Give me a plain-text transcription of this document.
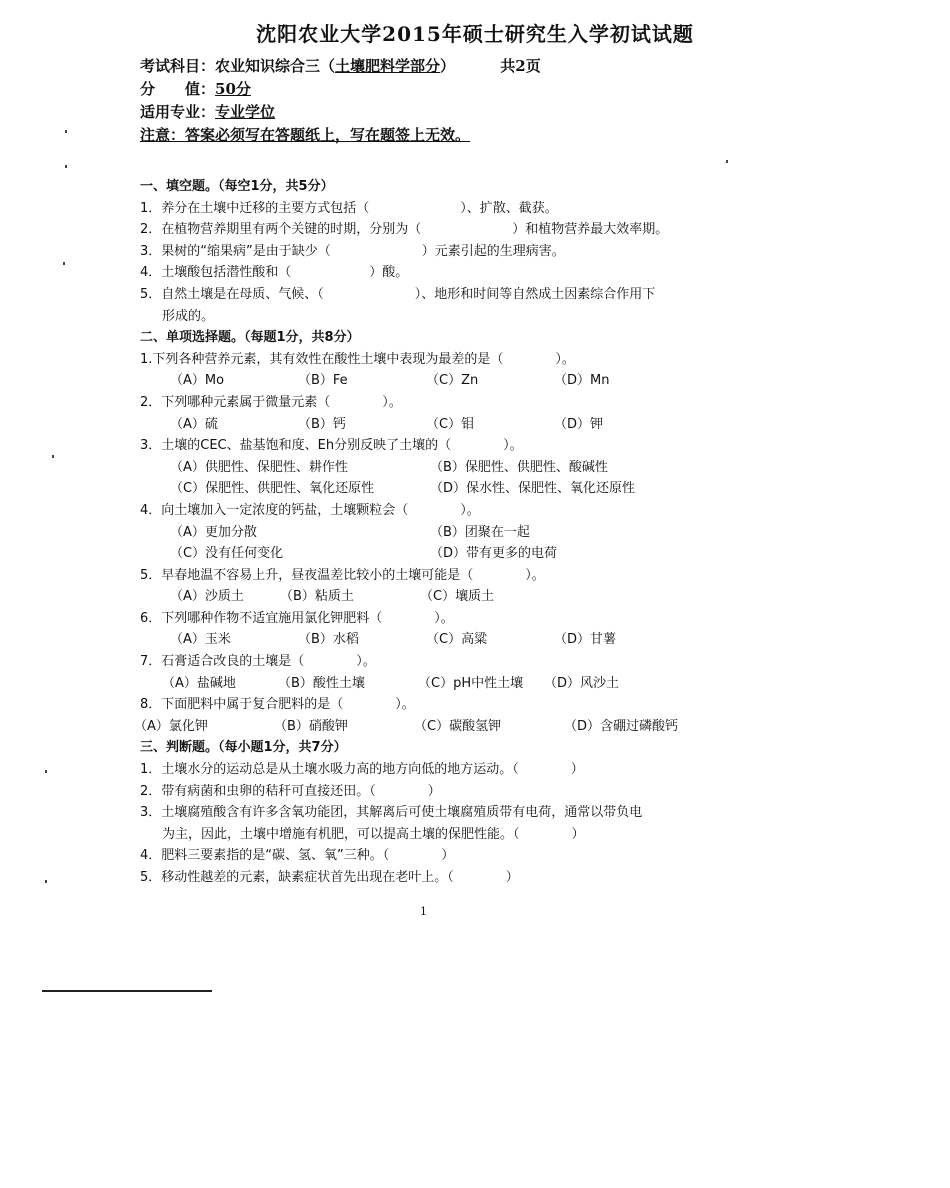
沈阳农业大学2015年硕士研究生入学初试试题
考试科目：农业知识综合三（土壤肥料学部分）	共2页
分　　值：50分
适用专业：专业学位
注意：答案必须写在答题纸上，写在题签上无效。
一、填空题。（每空1分，共5分）
1．养分在土壤中迁移的主要方式包括（　　　　　　　）、扩散、截获。
2．在植物营养期里有两个关键的时期，分别为（　　　　　　　）和植物营养最大效率期。
3．果树的“缩果病”是由于缺少（　　　　　　　）元素引起的生理病害。
4．土壤酸包括潜性酸和（　　　　　　）酸。
5．自然土壤是在母质、气候、（　　　　　　　）、地形和时间等自然成土因素综合作用下
形成的。
二、单项选择题。（每题1分，共8分）
1.下列各种营养元素，其有效性在酸性土壤中表现为最差的是（　　　　）。
（A）Mo	（B）Fe	（C）Zn	（D）Mn
2．下列哪种元素属于微量元素（　　　　）。
（A）硫	（B）钙	（C）钼	（D）钾
3．土壤的CEC、盐基饱和度、Eh分别反映了土壤的（　　　　）。
（A）供肥性、保肥性、耕作性	（B）保肥性、供肥性、酸碱性
（C）保肥性、供肥性、氧化还原性	（D）保水性、保肥性、氧化还原性
4．向土壤加入一定浓度的钙盐，土壤颗粒会（　　　　）。
（A）更加分散	（B）团聚在一起
（C）没有任何变化	（D）带有更多的电荷
5．早春地温不容易上升，昼夜温差比较小的土壤可能是（　　　　）。
（A）沙质土	（B）粘质土	（C）壤质土
6．下列哪种作物不适宜施用氯化钾肥料（　　　　）。
（A）玉米	（B）水稻	（C）高粱	（D）甘薯
7．石膏适合改良的土壤是（　　　　）。
（A）盐碱地	（B）酸性土壤	（C）pH中性土壤	（D）风沙土
8．下面肥料中属于复合肥料的是（　　　　）。
（A）氯化钾	（B）硝酸钾	（C）碳酸氢钾	（D）含硼过磷酸钙
三、判断题。（每小题1分，共7分）
1．土壤水分的运动总是从土壤水吸力高的地方向低的地方运动。（　　　　）
2．带有病菌和虫卵的秸秆可直接还田。（　　　　）
3．土壤腐殖酸含有许多含氧功能团，其解离后可使土壤腐殖质带有电荷，通常以带负电
为主，因此，土壤中增施有机肥，可以提高土壤的保肥性能。（　　　　）
4．肥料三要素指的是“碳、氢、氧”三种。（　　　　）
5．移动性越差的元素，缺素症状首先出现在老叶上。（　　　　）
1
